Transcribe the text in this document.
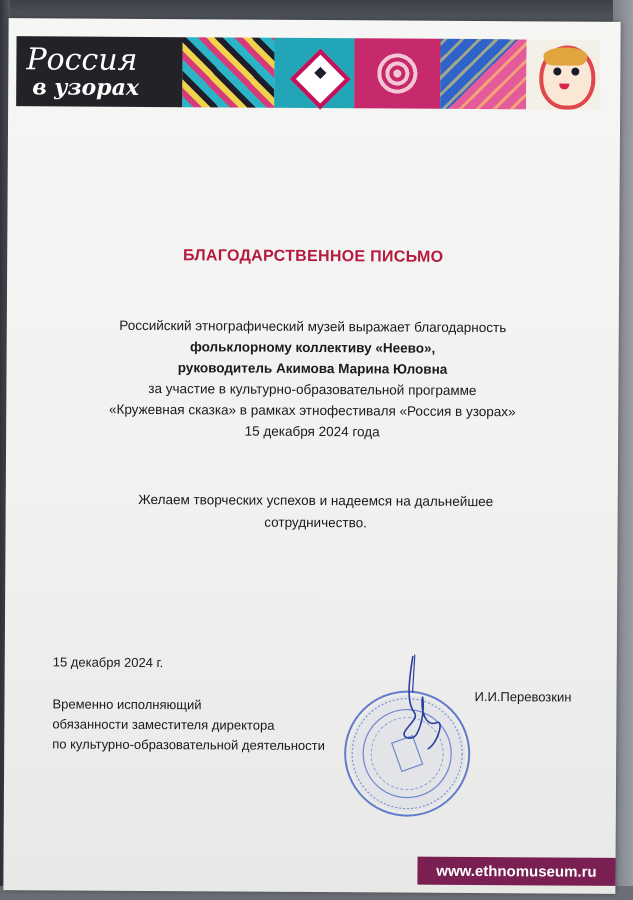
Россия
в узорах
БЛАГОДАРСТВЕННОЕ ПИСЬМО
Российский этнографический музей выражает благодарность
фольклорному коллективу «Неево»,
руководитель Акимова Марина Юловна
за участие в культурно-образовательной программе
«Кружевная сказка» в рамках этнофестиваля «Россия в узорах»
15 декабря 2024 года
Желаем творческих успехов и надеемся на дальнейшее
сотрудничество.
15 декабря 2024 г.
Временно исполняющий
обязанности заместителя директора
по культурно-образовательной деятельности
И.И.Перевозкин
www.ethnomuseum.ru
